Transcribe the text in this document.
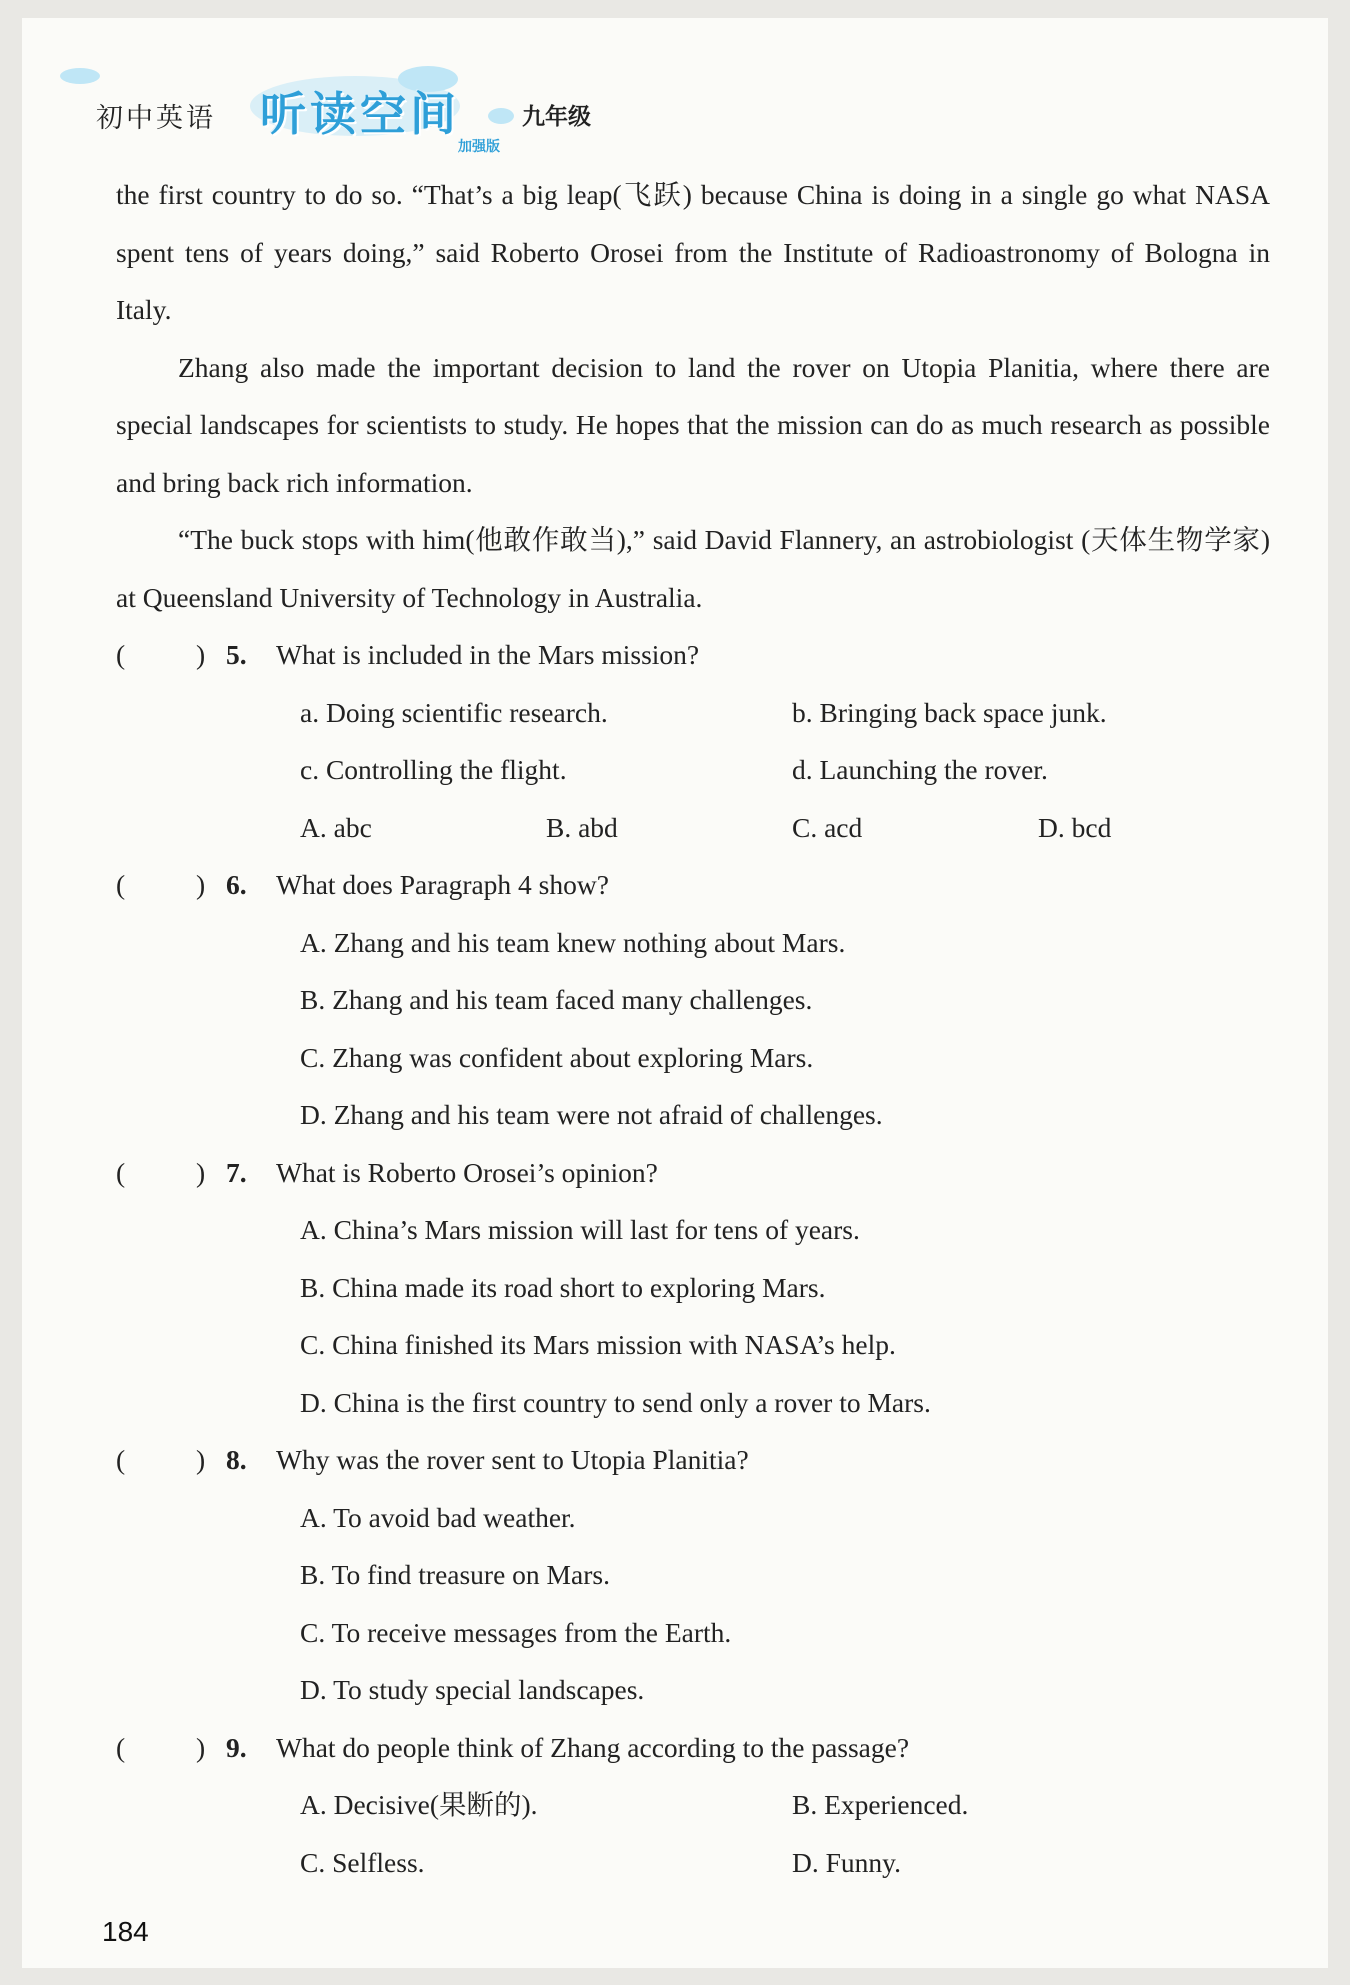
初中英语 听读空间
加强版
九年级

the first country to do so. “That’s a big leap(飞跃) because China is doing in a single go what NASA spent tens of years doing,” said Roberto Orosei from the Institute of Radioastronomy of Bologna in Italy.

Zhang also made the important decision to land the rover on Utopia Planitia, where there are special landscapes for scientists to study. He hopes that the mission can do as much research as possible and bring back rich information.

“The buck stops with him(他敢作敢当),” said David Flannery, an astrobiologist (天体生物学家) at Queensland University of Technology in Australia.

(	) 5. What is included in the Mars mission?
a. Doing scientific research.	b. Bringing back space junk.
c. Controlling the flight.	d. Launching the rover.
A. abc	B. abd	C. acd	D. bcd
(	) 6. What does Paragraph 4 show?
A. Zhang and his team knew nothing about Mars.
B. Zhang and his team faced many challenges.
C. Zhang was confident about exploring Mars.
D. Zhang and his team were not afraid of challenges.
(	) 7. What is Roberto Orosei’s opinion?
A. China’s Mars mission will last for tens of years.
B. China made its road short to exploring Mars.
C. China finished its Mars mission with NASA’s help.
D. China is the first country to send only a rover to Mars.
(	) 8. Why was the rover sent to Utopia Planitia?
A. To avoid bad weather.
B. To find treasure on Mars.
C. To receive messages from the Earth.
D. To study special landscapes.
(	) 9. What do people think of Zhang according to the passage?
A. Decisive(果断的).	B. Experienced.
C. Selfless.	D. Funny.
184
